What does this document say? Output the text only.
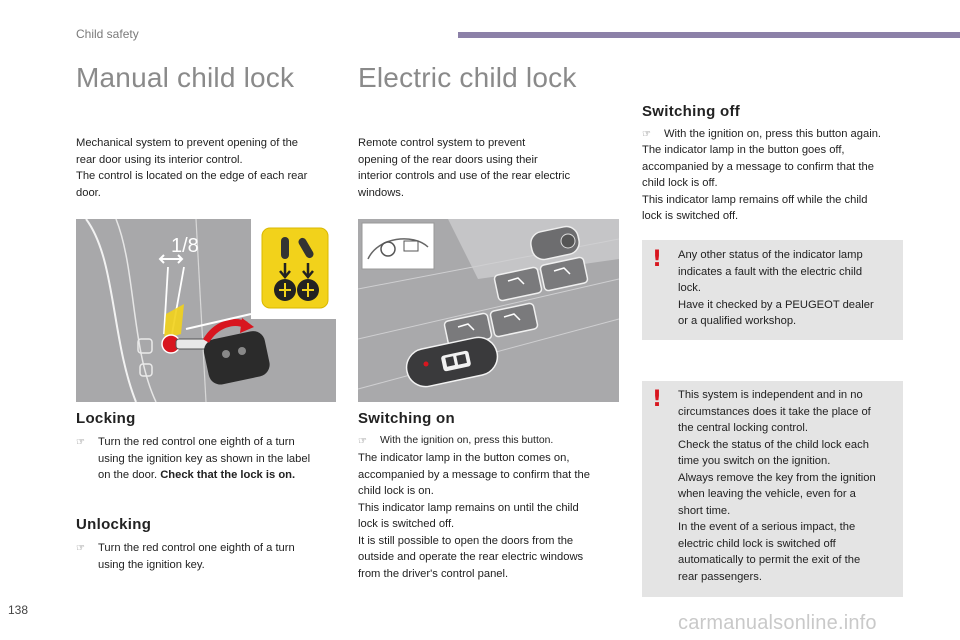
Child safety
Manual child lock Electric child lock
Mechanical system to prevent opening of the
rear door using its interior control.
The control is located on the edge of each rear
door.
1/8
Locking
☞	Turn the red control one eighth of a turn
using the ignition key as shown in the label
on the door. Check that the lock is on.
Unlocking
☞	Turn the red control one eighth of a turn
using the ignition key.
Remote control system to prevent
opening of the rear doors using their
interior controls and use of the rear electric
windows.
Switching on
☞	With the ignition on, press this button.
The indicator lamp in the button comes on,
accompanied by a message to confirm that the
child lock is on.
This indicator lamp remains on until the child
lock is switched off.
It is still possible to open the doors from the
outside and operate the rear electric windows
from the driver's control panel.
Switching off
☞	With the ignition on, press this button again.
The indicator lamp in the button goes off,
accompanied by a message to confirm that the
child lock is off.
This indicator lamp remains off while the child
lock is switched off.
! Any other status of the indicator lamp
indicates a fault with the electric child
lock.
Have it checked by a PEUGEOT dealer
or a qualified workshop.
! This system is independent and in no
circumstances does it take the place of
the central locking control.
Check the status of the child lock each
time you switch on the ignition.
Always remove the key from the ignition
when leaving the vehicle, even for a
short time.
In the event of a serious impact, the
electric child lock is switched off
automatically to permit the exit of the
rear passengers.
138
carmanualsonline.info
